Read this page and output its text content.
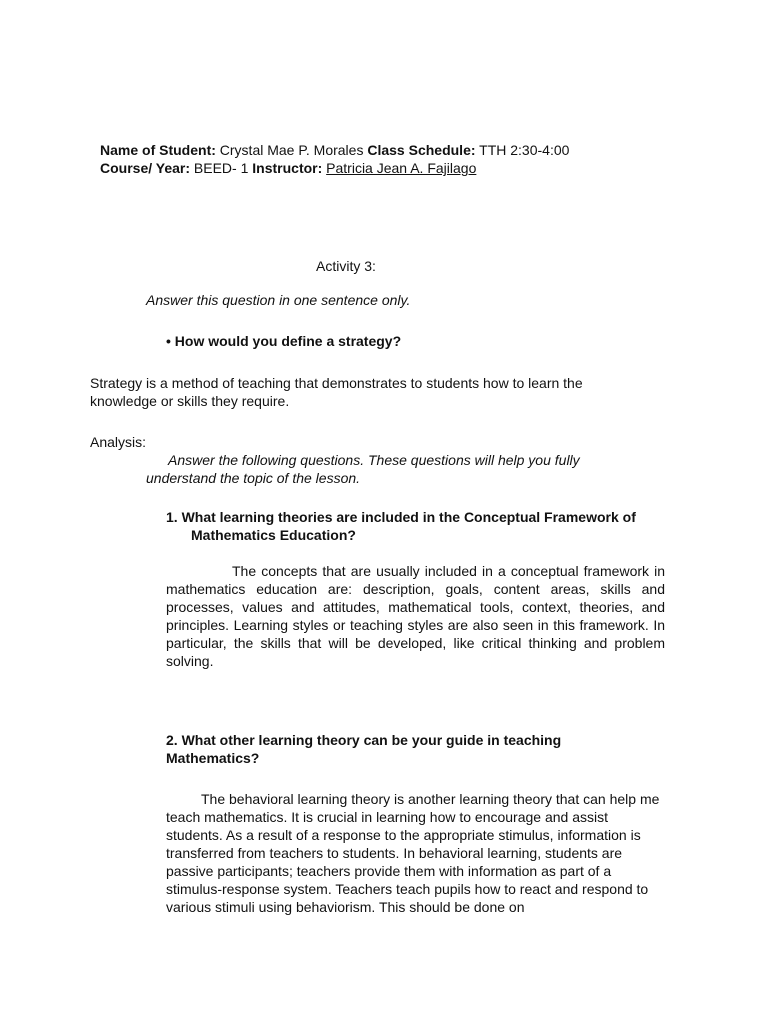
Name of Student: Crystal Mae P. Morales Class Schedule: TTH 2:30-4:00
Course/ Year: BEED- 1 Instructor: Patricia Jean A. Fajilago
Activity 3:
Answer this question in one sentence only.
• How would you define a strategy?
Strategy is a method of teaching that demonstrates to students how to learn the knowledge or skills they require.
Analysis:
Answer the following questions. These questions will help you fully understand the topic of the lesson.
1. What learning theories are included in the Conceptual Framework of
Mathematics Education?
The concepts that are usually included in a conceptual framework in mathematics education are: description, goals, content areas, skills and processes, values and attitudes, mathematical tools, context, theories, and principles. Learning styles or teaching styles are also seen in this framework. In particular, the skills that will be developed, like critical thinking and problem solving.
2. What other learning theory can be your guide in teaching Mathematics?
The behavioral learning theory is another learning theory that can help me teach mathematics. It is crucial in learning how to encourage and assist students. As a result of a response to the appropriate stimulus, information is transferred from teachers to students. In behavioral learning, students are passive participants; teachers provide them with information as part of a stimulus-response system. Teachers teach pupils how to react and respond to various stimuli using behaviorism. This should be done on
